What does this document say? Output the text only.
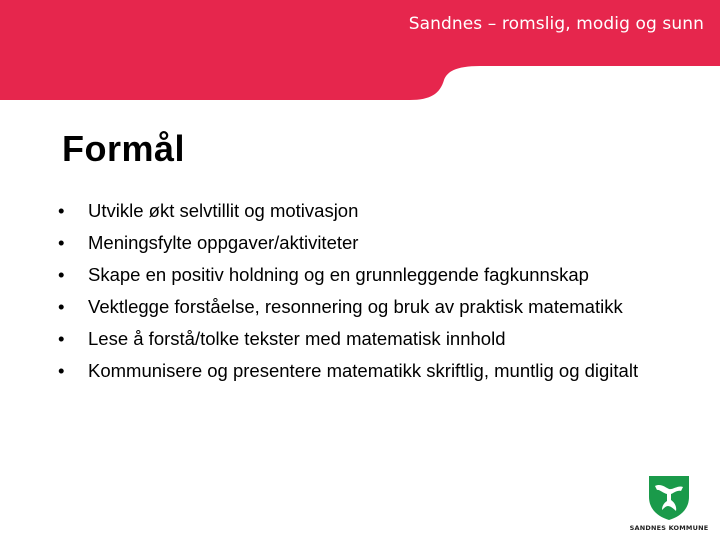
Sandnes – romslig, modig og sunn
Formål
• Utvikle økt selvtillit og motivasjon
• Meningsfylte oppgaver/aktiviteter
• Skape en positiv holdning og en grunnleggende fagkunnskap
• Vektlegge forståelse, resonnering og bruk av praktisk matematikk
• Lese å forstå/tolke tekster med matematisk innhold
• Kommunisere og presentere matematikk skriftlig, muntlig og digitalt
SANDNES KOMMUNE
